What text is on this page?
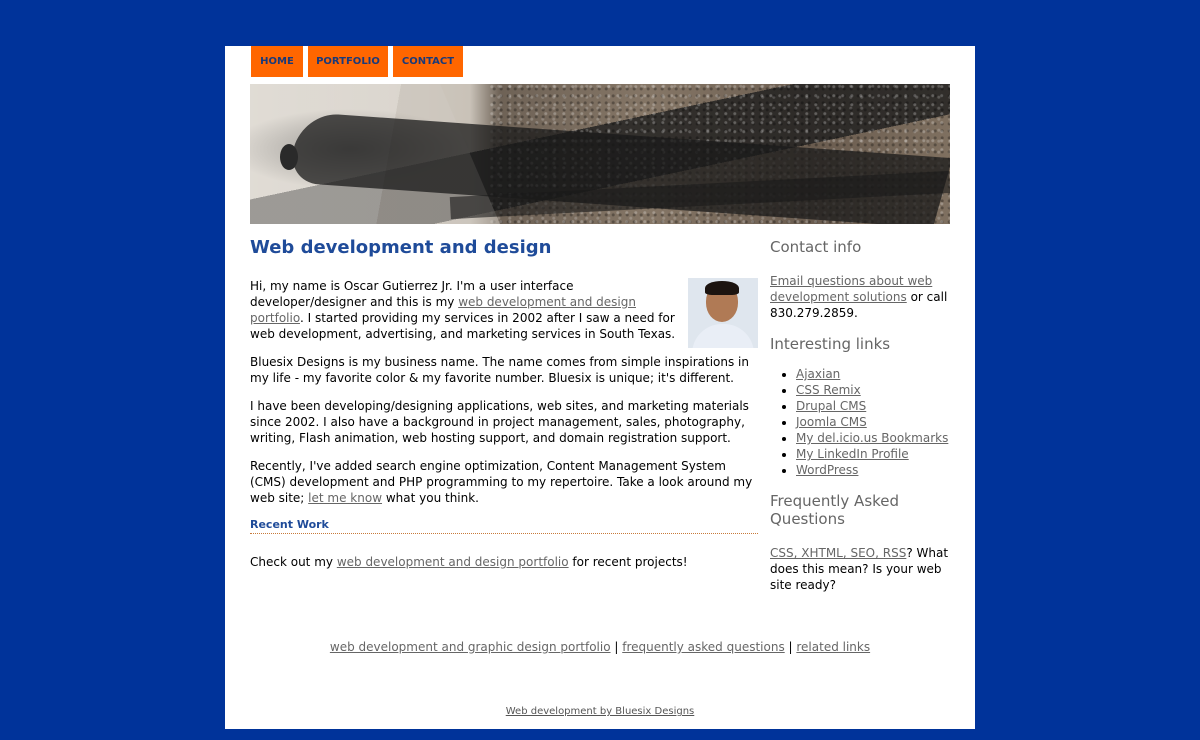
HOME	PORTFOLIO	CONTACT
Web development and design

Hi, my name is Oscar Gutierrez Jr. I'm a user interface developer/designer and this is my web development and design portfolio. I started providing my services in 2002 after I saw a need for web development, advertising, and marketing services in South Texas.

Bluesix Designs is my business name. The name comes from simple inspirations in my life - my favorite color & my favorite number. Bluesix is unique; it's different.

I have been developing/designing applications, web sites, and marketing materials since 2002. I also have a background in project management, sales, photography, writing, Flash animation, web hosting support, and domain registration support.

Recently, I've added search engine optimization, Content Management System (CMS) development and PHP programming to my repertoire. Take a look around my web site; let me know what you think.

Recent Work

Check out my web development and design portfolio for recent projects!

Contact info

Email questions about web development solutions or call 830.279.2859.

Interesting links
• Ajaxian
• CSS Remix
• Drupal CMS
• Joomla CMS
• My del.icio.us Bookmarks
• My LinkedIn Profile
• WordPress
Frequently Asked Questions

CSS, XHTML, SEO, RSS? What does this mean? Is your web site ready?

web development and graphic design portfolio | frequently asked questions | related links
Web development by Bluesix Designs
